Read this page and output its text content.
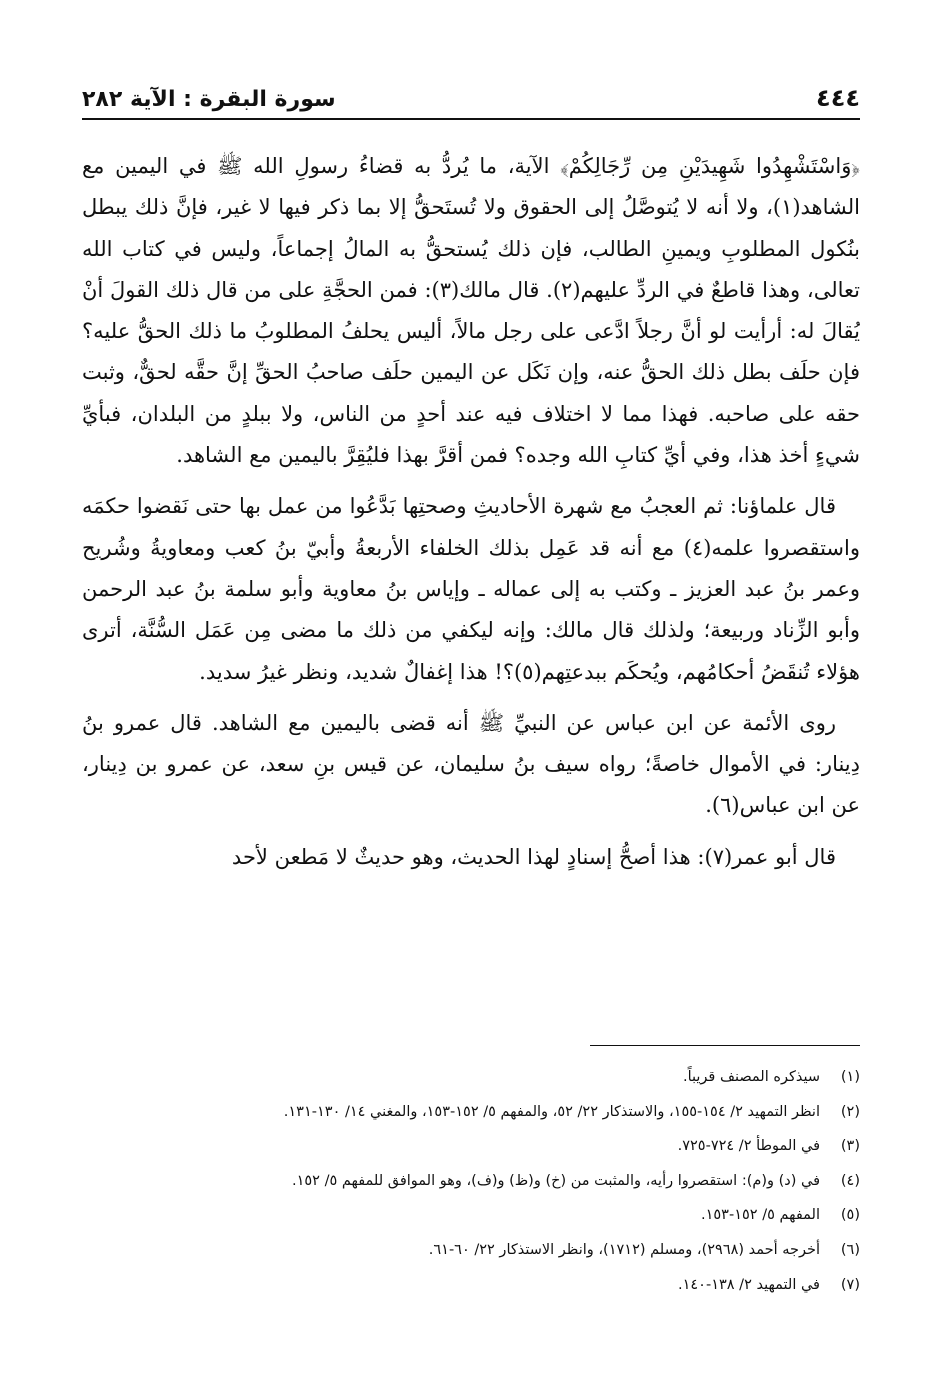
٤٤٤
سورة البقرة : الآية ٢٨٢

﴿وَاسْتَشْهِدُوا شَهِيدَيْنِ مِن رِّجَالِكُمْ﴾ الآية، ما يُردُّ به قضاءُ رسولِ الله ﷺ في اليمين مع الشاهد(١)، ولا أنه لا يُتوصَّلُ إلى الحقوق ولا تُستَحقُّ إلا بما ذكر فيها لا غير، فإنَّ ذلك يبطل بنُكول المطلوبِ ويمينِ الطالب، فإن ذلك يُستحقُّ به المالُ إجماعاً، وليس في كتاب الله تعالى، وهذا قاطعٌ في الردِّ عليهم(٢). قال مالك(٣): فمن الحجَّةِ على من قال ذلك القولَ أنْ يُقالَ له: أرأيت لو أنَّ رجلاً ادَّعى على رجل مالاً، أليس يحلفُ المطلوبُ ما ذلك الحقُّ عليه؟ فإن حلَف بطل ذلك الحقُّ عنه، وإن نَكَل عن اليمين حلَف صاحبُ الحقِّ إنَّ حقَّه لحقٌّ، وثبت حقه على صاحبه. فهذا مما لا اختلاف فيه عند أحدٍ من الناس، ولا ببلدٍ من البلدان، فبأيِّ شيءٍ أخذ هذا، وفي أيِّ كتابِ الله وجده؟ فمن أقرَّ بهذا فليُقِرَّ باليمين مع الشاهد.

قال علماؤنا: ثم العجبُ مع شهرة الأحاديثِ وصحتِها بَدَّعُوا من عمل بها حتى نَقضوا حكمَه واستقصروا علمه(٤) مع أنه قد عَمِل بذلك الخلفاء الأربعةُ وأبيّ بنُ كعب ومعاويةُ وشُريح وعمر بنُ عبد العزيز ـ وكتب به إلى عماله ـ وإياس بنُ معاوية وأبو سلمة بنُ عبد الرحمن وأبو الزِّناد وربيعة؛ ولذلك قال مالك: وإنه ليكفي من ذلك ما مضى مِن عَمَل السُّنَّة، أترى هؤلاء تُنقَضُ أحكامُهم، ويُحكَم ببدعتِهم(٥)؟! هذا إغفالٌ شديد، ونظر غيرُ سديد.

روى الأئمة عن ابن عباس عن النبيِّ ﷺ أنه قضى باليمين مع الشاهد. قال عمرو بنُ دِينار: في الأموال خاصةً؛ رواه سيف بنُ سليمان، عن قيس بنِ سعد، عن عمرو بن دِينار، عن ابن عباس(٦).

قال أبو عمر(٧): هذا أصحُّ إسنادٍ لهذا الحديث، وهو حديثٌ لا مَطعن لأحد

(١)
سيذكره المصنف قريباً.
(٢)
انظر التمهيد ٢/ ١٥٤-١٥٥، والاستذكار ٢٢/ ٥٢، والمفهم ٥/ ١٥٢-١٥٣، والمغني ١٤/ ١٣٠-١٣١.
(٣)
في الموطأ ٢/ ٧٢٤-٧٢٥.
(٤)
في (د) و(م): استقصروا رأيه، والمثبت من (خ) و(ظ) و(ف)، وهو الموافق للمفهم ٥/ ١٥٢.
(٥)
المفهم ٥/ ١٥٢-١٥٣.
(٦)
أخرجه أحمد (٢٩٦٨)، ومسلم (١٧١٢)، وانظر الاستذكار ٢٢/ ٦٠-٦١.
(٧)
في التمهيد ٢/ ١٣٨-١٤٠.
